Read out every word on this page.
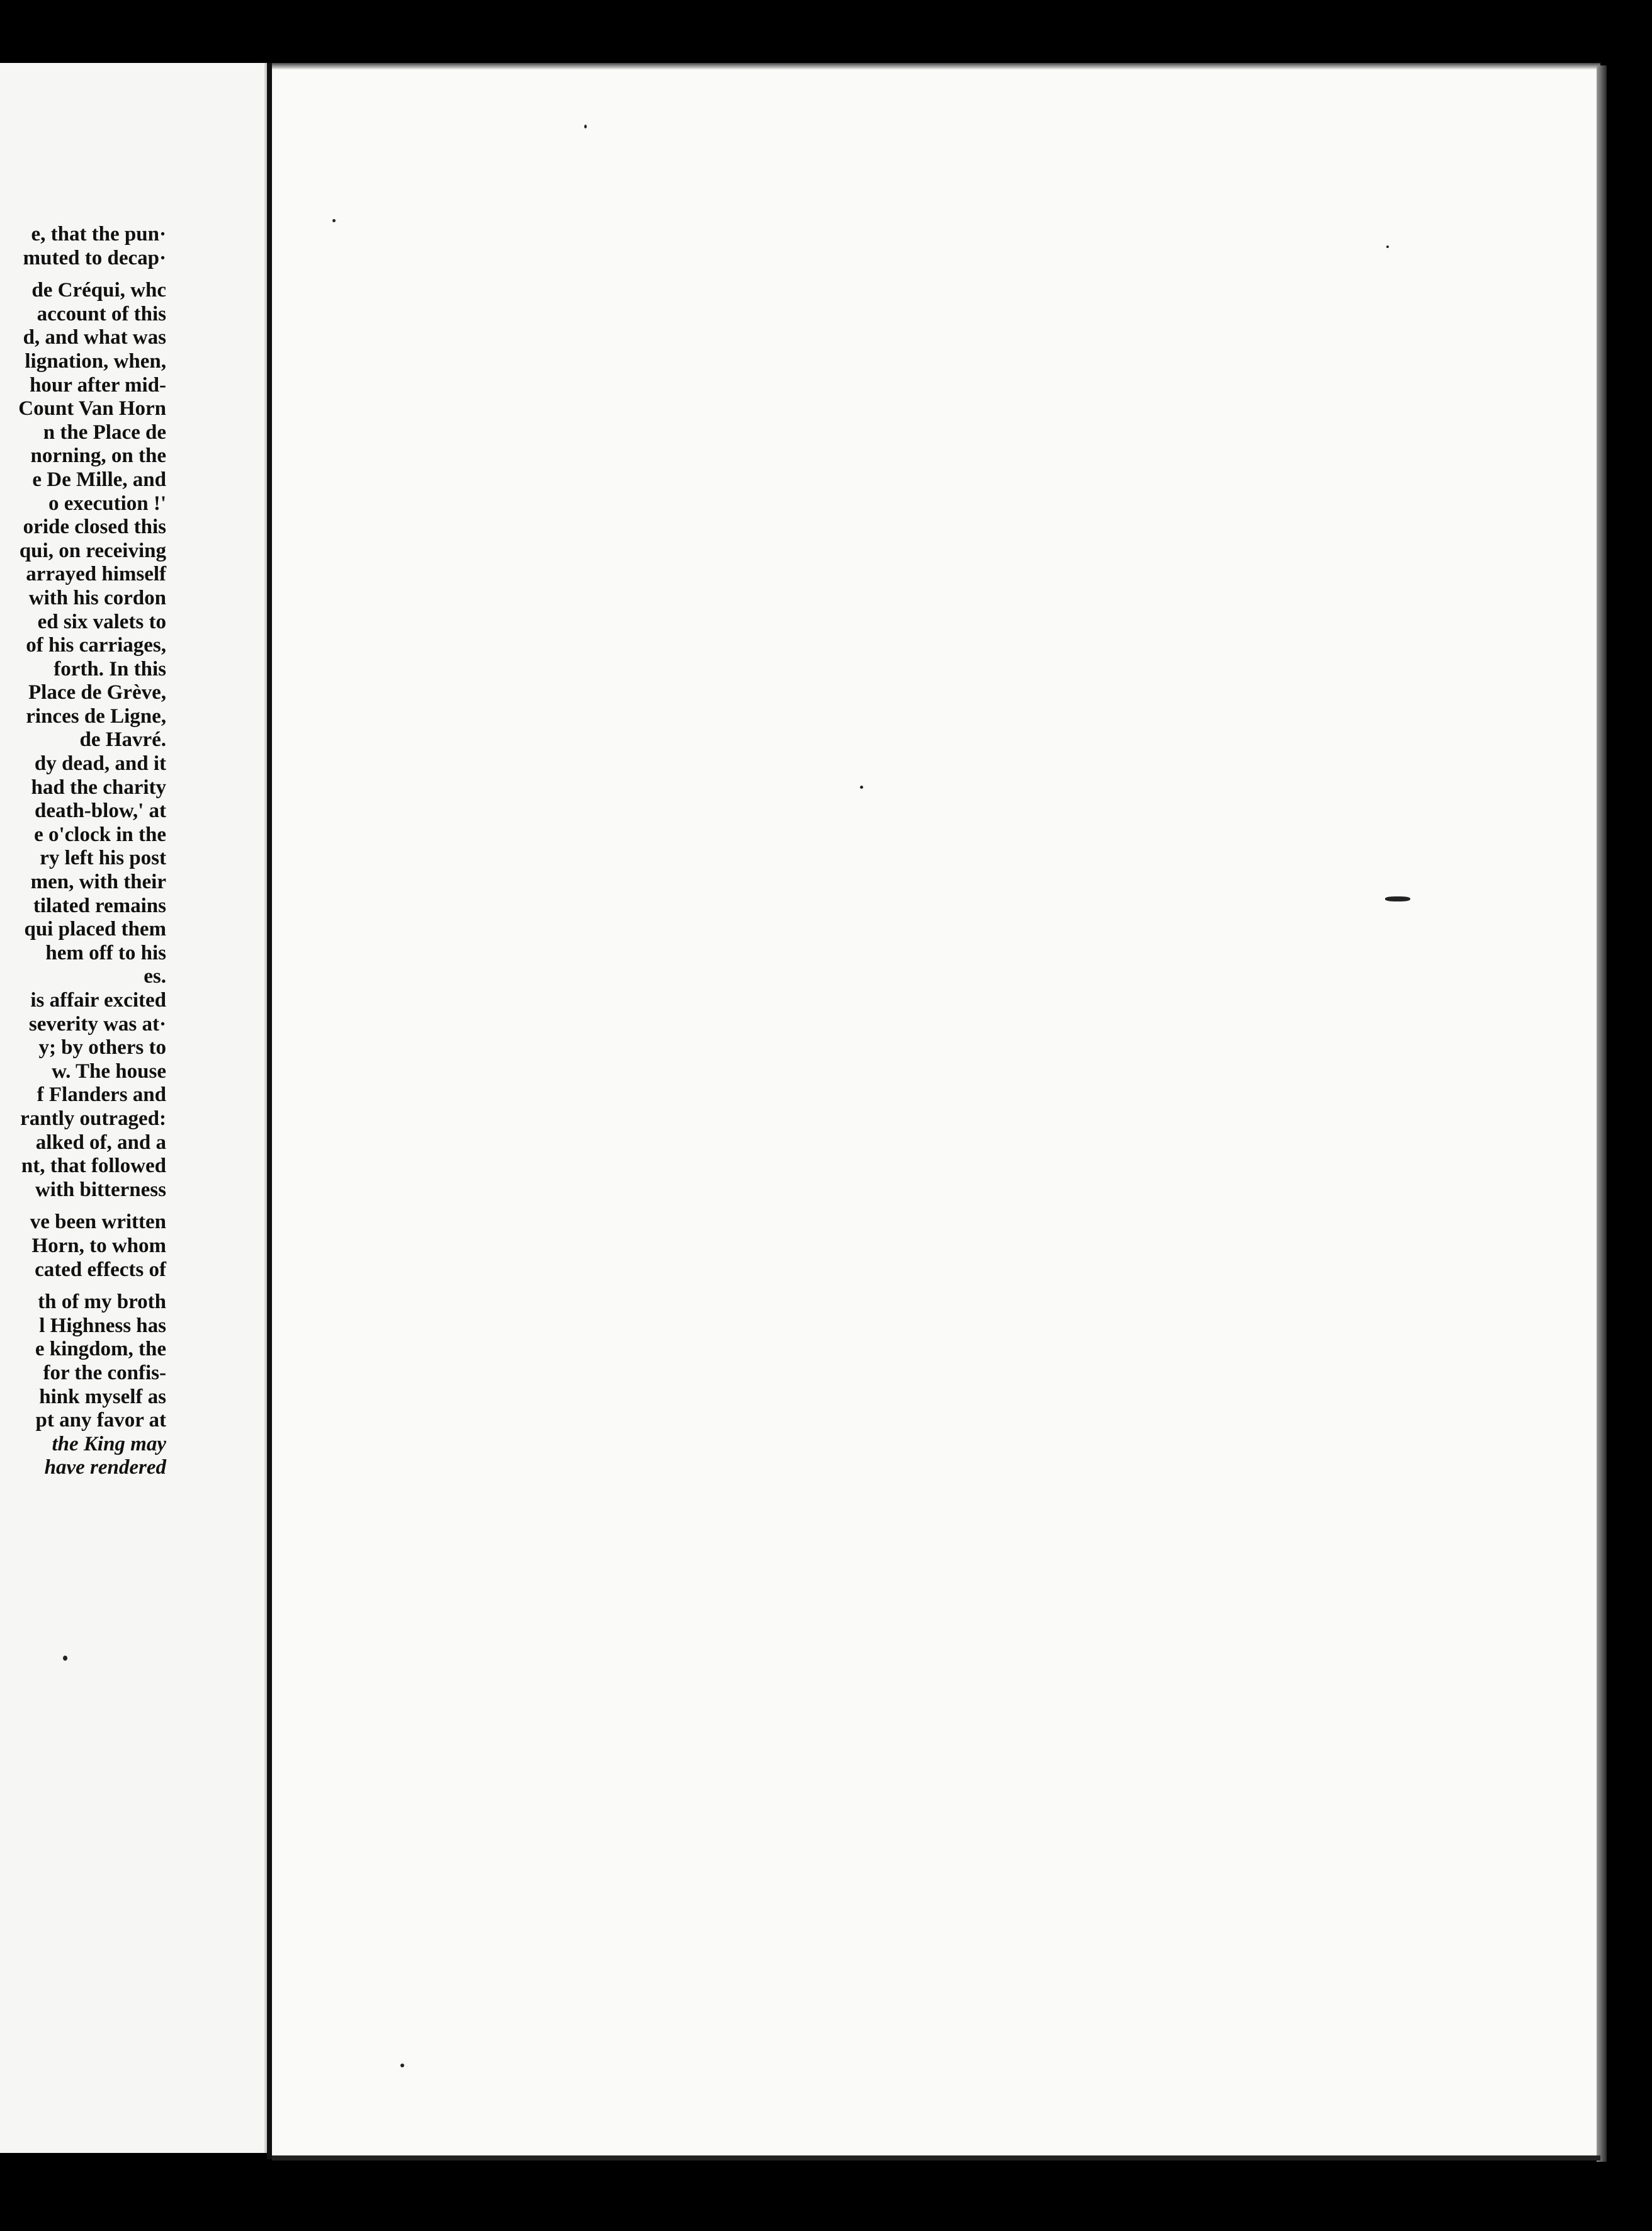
e, that the pun·
muted to decap·
de Créqui, whc
account of this
d, and what was
lignation, when,
hour after mid-
Count Van Horn
n the Place de
norning, on the
e De Mille, and
o execution !'
oride closed this
qui, on receiving
arrayed himself
with his cordon
ed six valets to
of his carriages,
forth. In this
Place de Grève,
rinces de Ligne,
de Havré.
dy dead, and it
had the charity
death-blow,' at
e o'clock in the
ry left his post
men, with their
tilated remains
qui placed them
hem off to his
es.
is affair excited
severity was at·
y; by others to
w. The house
f Flanders and
rantly outraged:
alked of, and a
nt, that followed
with bitterness
ve been written
Horn, to whom
cated effects of
th of my broth
l Highness has
e kingdom, the
for the confis-
hink myself as
pt any favor at
the King may
have rendered
